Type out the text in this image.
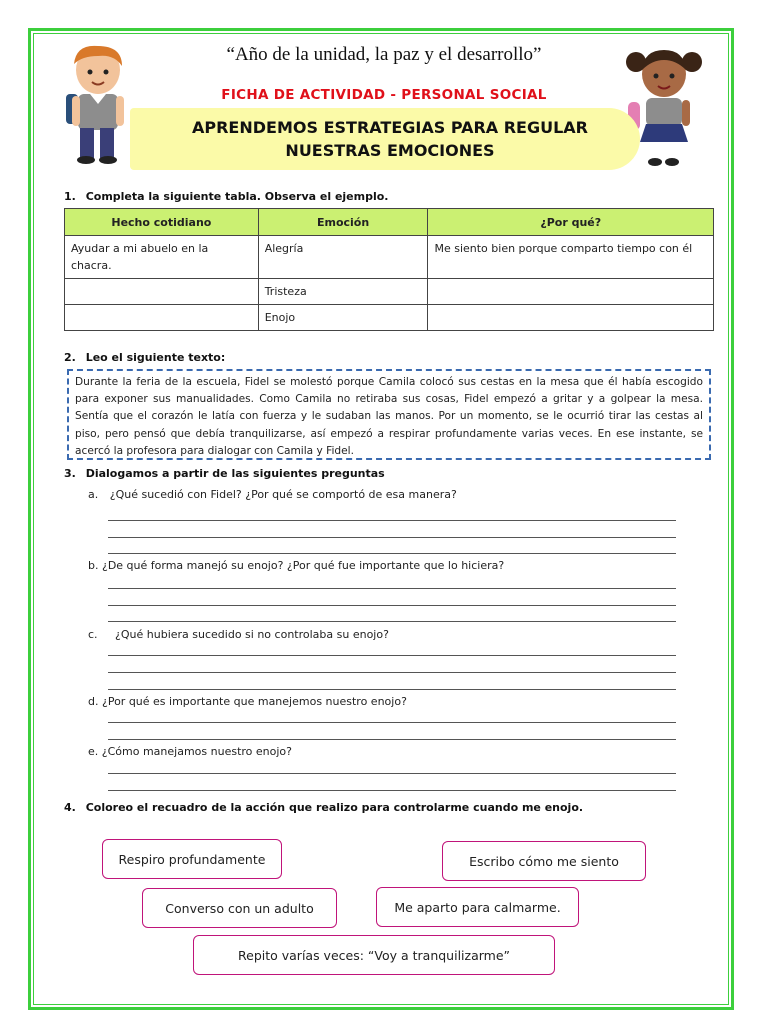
“Año de la unidad, la paz y el desarrollo”
FICHA DE ACTIVIDAD - PERSONAL SOCIAL
APRENDEMOS ESTRATEGIAS PARA REGULAR
NUESTRAS EMOCIONES
1. Completa la siguiente tabla. Observa el ejemplo.
Hecho cotidiano	Emoción	¿Por qué?
Ayudar a mi abuelo en la chacra.	Alegría	Me siento bien porque comparto tiempo con él
	Tristeza	
	Enojo	
2. Leo el siguiente texto:
Durante la feria de la escuela, Fidel se molestó porque Camila colocó sus cestas en la mesa que él había escogido para exponer sus manualidades. Como Camila no retiraba sus cosas, Fidel empezó a gritar y a golpear la mesa. Sentía que el corazón le latía con fuerza y le sudaban las manos. Por un momento, se le ocurrió tirar las cestas al piso, pero pensó que debía tranquilizarse, así empezó a respirar profundamente varias veces. En ese instante, se acercó la profesora para dialogar con Camila y Fidel.
3. Dialogamos a partir de las siguientes preguntas
a. ¿Qué sucedió con Fidel? ¿Por qué se comportó de esa manera?
b. ¿De qué forma manejó su enojo? ¿Por qué fue importante que lo hiciera?
c. ¿Qué hubiera sucedido si no controlaba su enojo?
d. ¿Por qué es importante que manejemos nuestro enojo?
e. ¿Cómo manejamos nuestro enojo?
4. Coloreo el recuadro de la acción que realizo para controlarme cuando me enojo.
Respiro profundamente	Escribo cómo me siento
Converso con un adulto	Me aparto para calmarme.
Repito varías veces: “Voy a tranquilizarme”
